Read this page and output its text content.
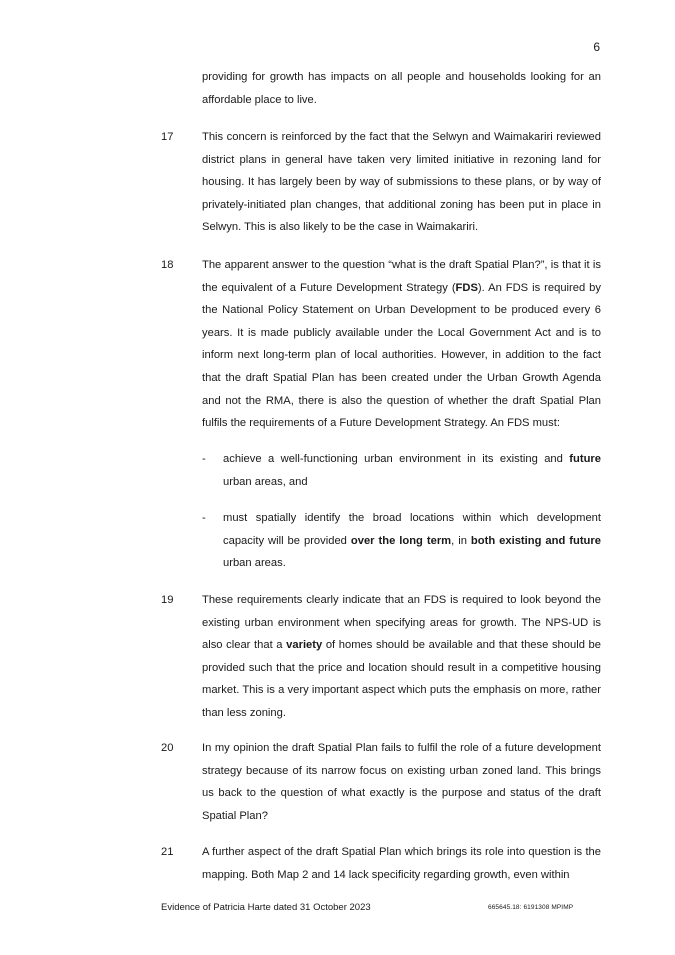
6
providing for growth has impacts on all people and households looking for an affordable place to live.
17	This concern is reinforced by the fact that the Selwyn and Waimakariri reviewed district plans in general have taken very limited initiative in rezoning land for housing. It has largely been by way of submissions to these plans, or by way of privately-initiated plan changes, that additional zoning has been put in place in Selwyn. This is also likely to be the case in Waimakariri.
18	The apparent answer to the question “what is the draft Spatial Plan?”, is that it is the equivalent of a Future Development Strategy (FDS). An FDS is required by the National Policy Statement on Urban Development to be produced every 6 years. It is made publicly available under the Local Government Act and is to inform next long-term plan of local authorities. However, in addition to the fact that the draft Spatial Plan has been created under the Urban Growth Agenda and not the RMA, there is also the question of whether the draft Spatial Plan fulfils the requirements of a Future Development Strategy. An FDS must:
- achieve a well-functioning urban environment in its existing and future urban areas, and
- must spatially identify the broad locations within which development capacity will be provided over the long term, in both existing and future urban areas.
19	These requirements clearly indicate that an FDS is required to look beyond the existing urban environment when specifying areas for growth. The NPS-UD is also clear that a variety of homes should be available and that these should be provided such that the price and location should result in a competitive housing market. This is a very important aspect which puts the emphasis on more, rather than less zoning.
20	In my opinion the draft Spatial Plan fails to fulfil the role of a future development strategy because of its narrow focus on existing urban zoned land. This brings us back to the question of what exactly is the purpose and status of the draft Spatial Plan?
21	A further aspect of the draft Spatial Plan which brings its role into question is the mapping. Both Map 2 and 14 lack specificity regarding growth, even within
Evidence of Patricia Harte dated 31 October 2023	665645.18: 6191308 MPIMP
